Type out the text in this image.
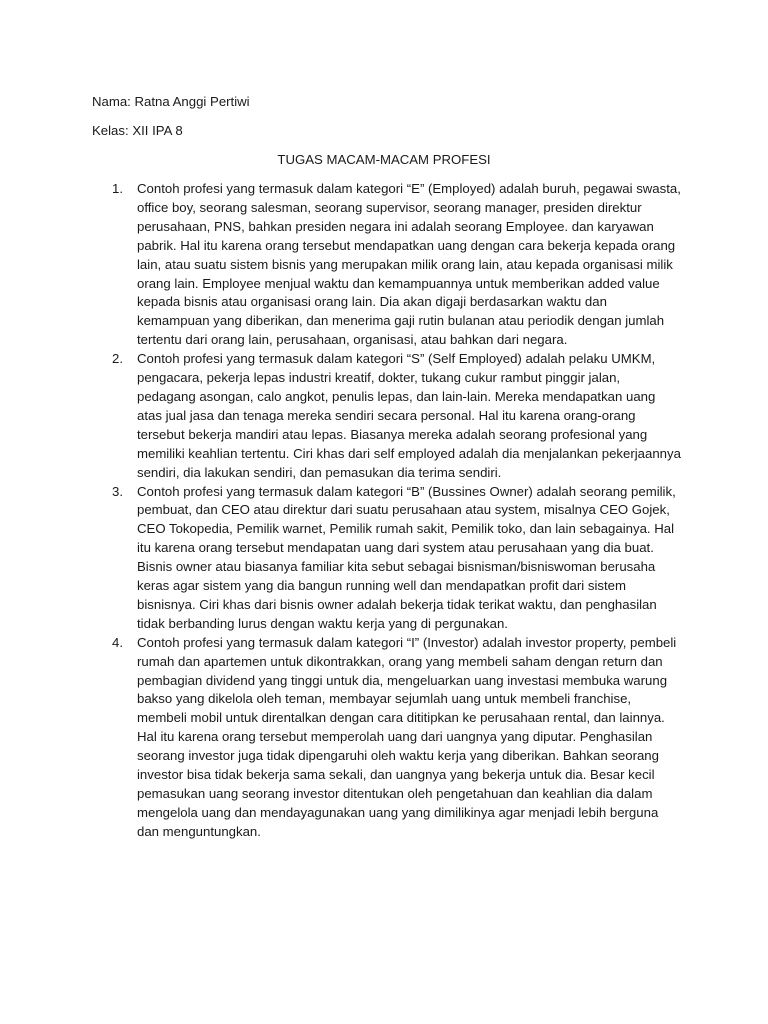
Nama: Ratna Anggi Pertiwi
Kelas: XII IPA 8
TUGAS MACAM-MACAM PROFESI
1. Contoh profesi yang termasuk dalam kategori “E” (Employed) adalah buruh, pegawai swasta, office boy, seorang salesman, seorang supervisor, seorang manager, presiden direktur perusahaan, PNS, bahkan presiden negara ini adalah seorang Employee. dan karyawan pabrik. Hal itu karena orang tersebut mendapatkan uang dengan cara bekerja kepada orang lain, atau suatu sistem bisnis yang merupakan milik orang lain, atau kepada organisasi milik orang lain. Employee menjual waktu dan kemampuannya untuk memberikan added value kepada bisnis atau organisasi orang lain. Dia akan digaji berdasarkan waktu dan kemampuan yang diberikan, dan menerima gaji rutin bulanan atau periodik dengan jumlah tertentu dari orang lain, perusahaan, organisasi, atau bahkan dari negara.
2. Contoh profesi yang termasuk dalam kategori “S” (Self Employed) adalah pelaku UMKM, pengacara, pekerja lepas industri kreatif, dokter, tukang cukur rambut pinggir jalan, pedagang asongan, calo angkot, penulis lepas, dan lain-lain. Mereka mendapatkan uang atas jual jasa dan tenaga mereka sendiri secara personal. Hal itu karena orang-orang tersebut bekerja mandiri atau lepas. Biasanya mereka adalah seorang profesional yang memiliki keahlian tertentu. Ciri khas dari self employed adalah dia menjalankan pekerjaannya sendiri, dia lakukan sendiri, dan pemasukan dia terima sendiri.
3. Contoh profesi yang termasuk dalam kategori “B” (Bussines Owner) adalah seorang pemilik, pembuat, dan CEO atau direktur dari suatu perusahaan atau system, misalnya CEO Gojek, CEO Tokopedia, Pemilik warnet, Pemilik rumah sakit, Pemilik toko, dan lain sebagainya. Hal itu karena orang tersebut mendapatan uang dari system atau perusahaan yang dia buat. Bisnis owner atau biasanya familiar kita sebut sebagai bisnisman/bisniswoman berusaha keras agar sistem yang dia bangun running well dan mendapatkan profit dari sistem bisnisnya. Ciri khas dari bisnis owner adalah bekerja tidak terikat waktu, dan penghasilan tidak berbanding lurus dengan waktu kerja yang di pergunakan.
4. Contoh profesi yang termasuk dalam kategori “I” (Investor) adalah investor property, pembeli rumah dan apartemen untuk dikontrakkan, orang yang membeli saham dengan return dan pembagian dividend yang tinggi untuk dia, mengeluarkan uang investasi membuka warung bakso yang dikelola oleh teman, membayar sejumlah uang untuk membeli franchise, membeli mobil untuk direntalkan dengan cara dititipkan ke perusahaan rental, dan lainnya. Hal itu karena orang tersebut memperolah uang dari uangnya yang diputar. Penghasilan seorang investor juga tidak dipengaruhi oleh waktu kerja yang diberikan. Bahkan seorang investor bisa tidak bekerja sama sekali, dan uangnya yang bekerja untuk dia. Besar kecil pemasukan uang seorang investor ditentukan oleh pengetahuan dan keahlian dia dalam mengelola uang dan mendayagunakan uang yang dimilikinya agar menjadi lebih berguna dan menguntungkan.
